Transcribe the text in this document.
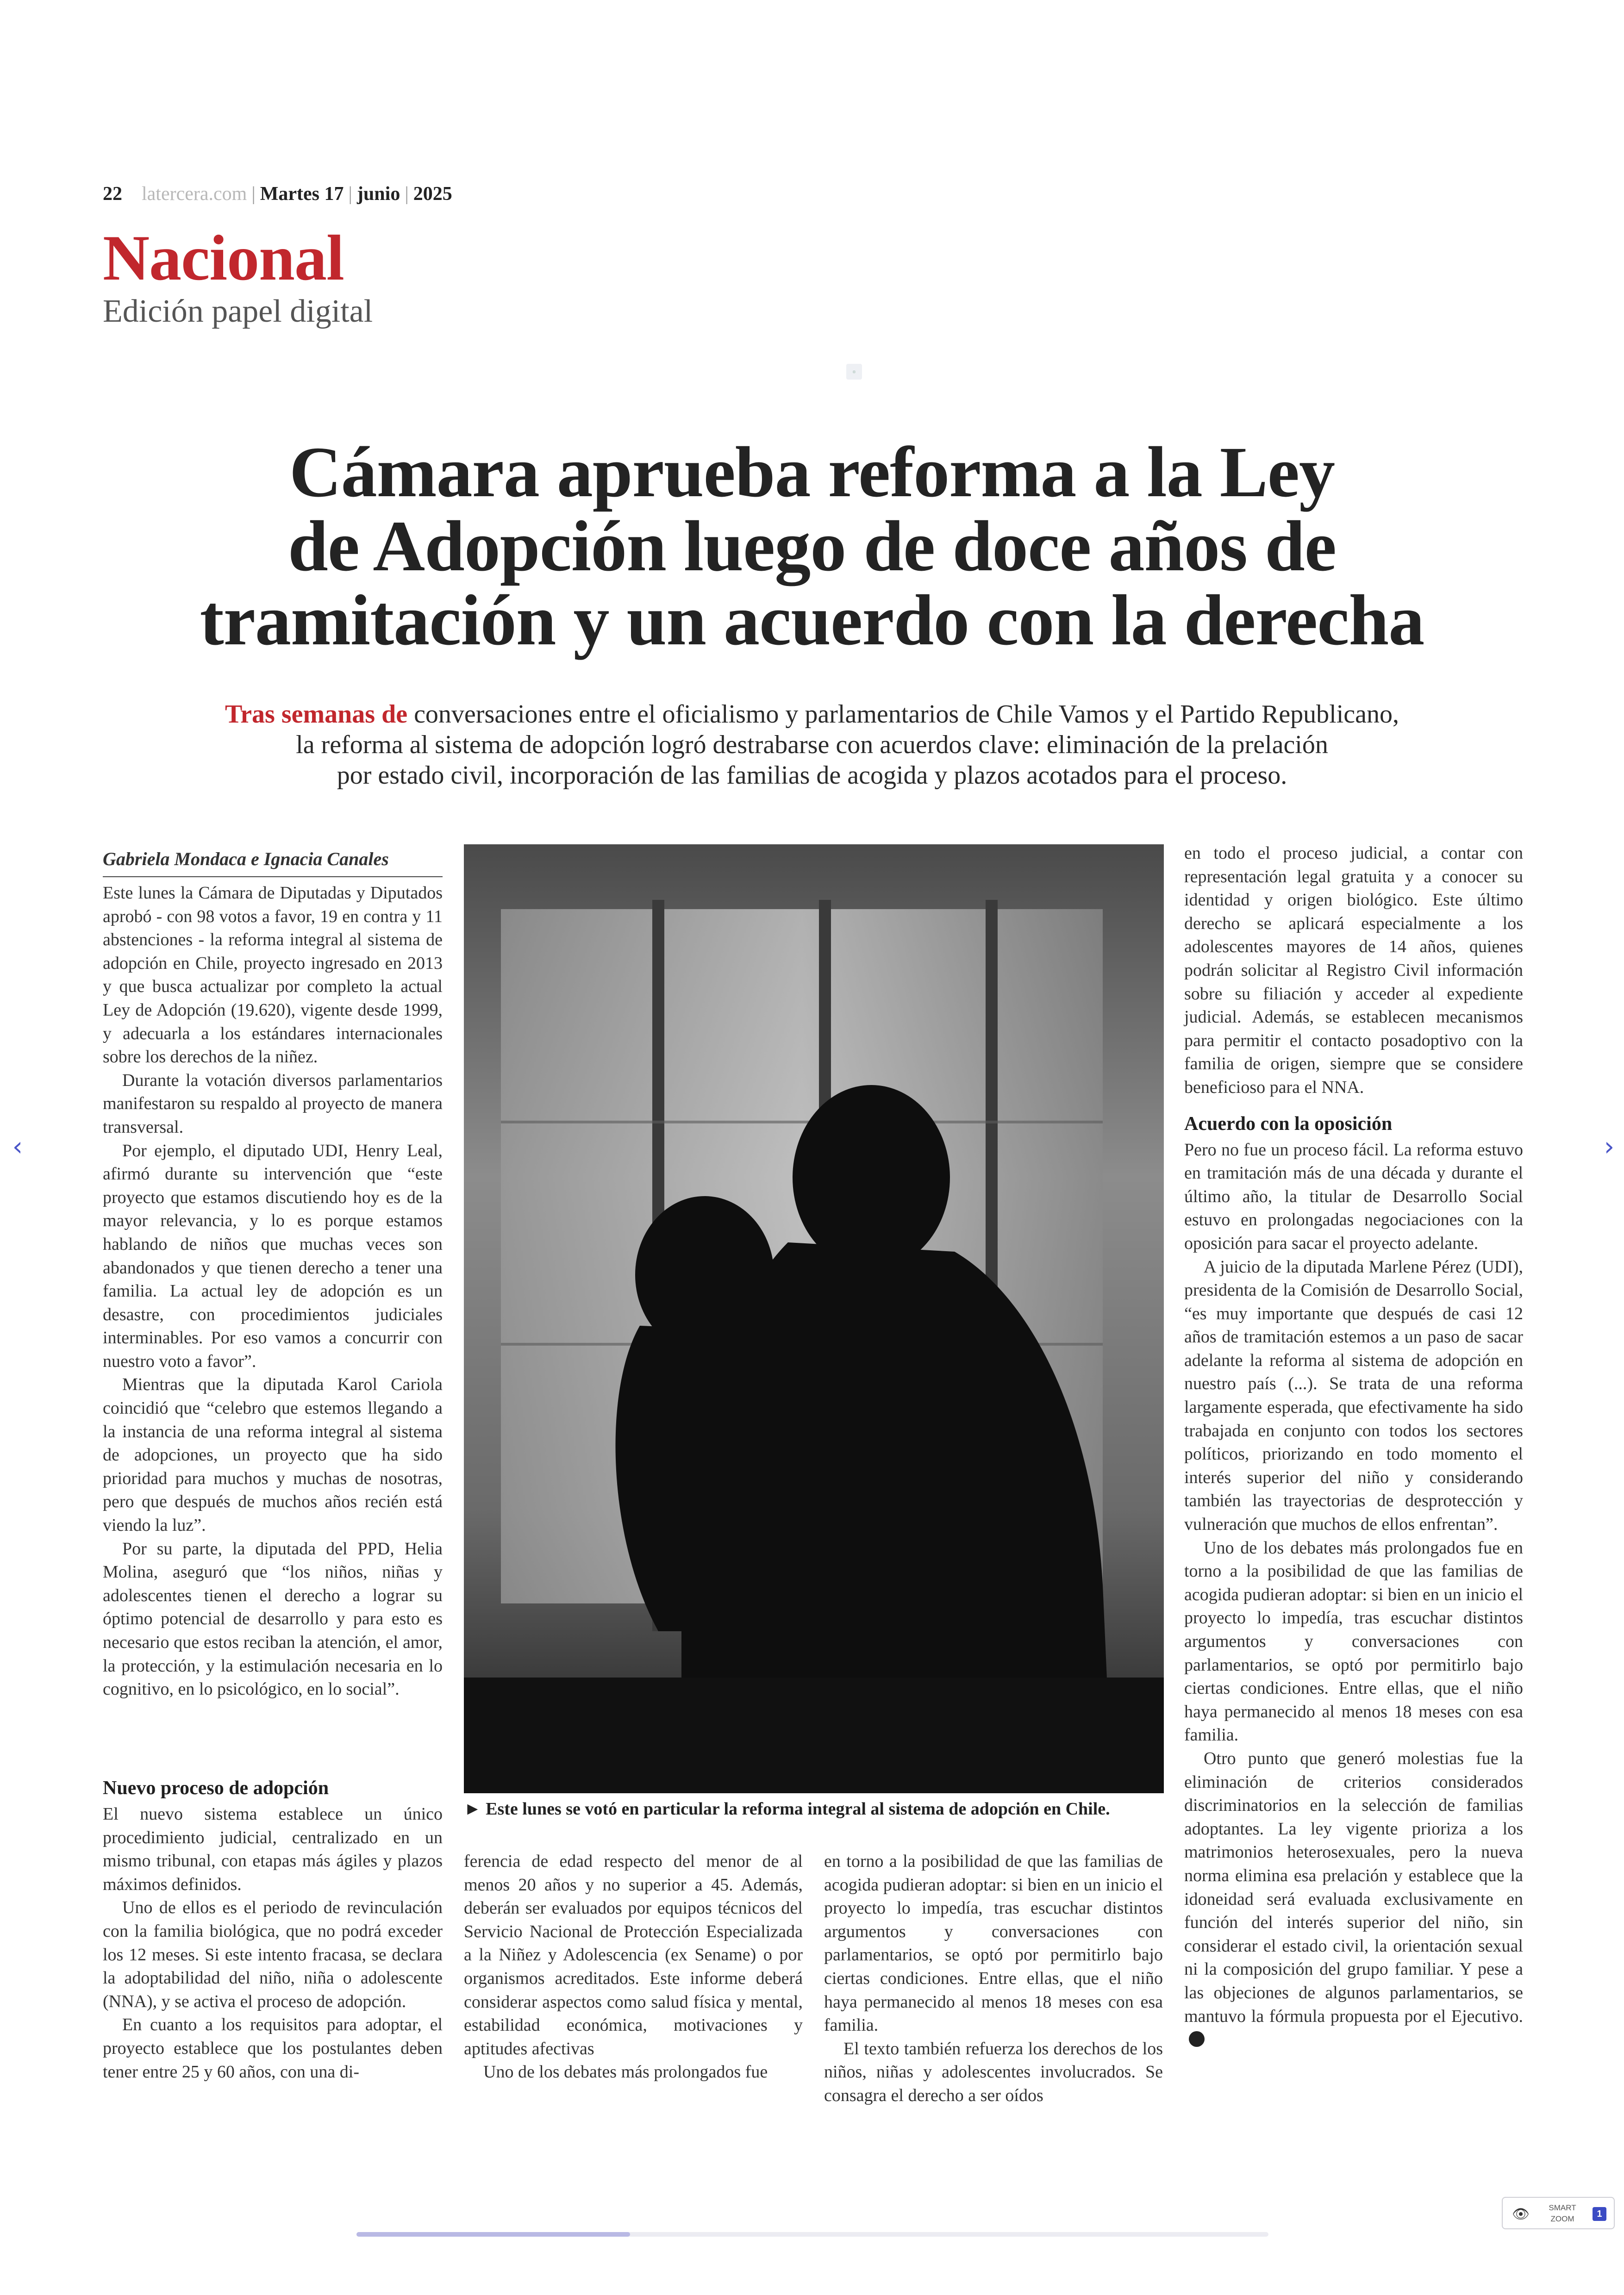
22 latercera.com | Martes 17 | junio | 2025
Nacional
Edición papel digital
▫
Cámara aprueba reforma a la Ley
de Adopción luego de doce años de
tramitación y un acuerdo con la derecha
Tras semanas de conversaciones entre el oficialismo y parlamentarios de Chile Vamos y el Partido Republicano,
la reforma al sistema de adopción logró destrabarse con acuerdos clave: eliminación de la prelación
por estado civil, incorporación de las familias de acogida y plazos acotados para el proceso.
Gabriela Mondaca e Ignacia Canales

Este lunes la Cámara de Diputadas y Diputados aprobó - con 98 votos a favor, 19 en contra y 11 abstenciones - la reforma integral al sistema de adopción en Chile, proyecto ingresado en 2013 y que busca actualizar por completo la actual Ley de Adopción (19.620), vigente desde 1999, y adecuarla a los estándares internacionales sobre los derechos de la niñez.

Durante la votación diversos parlamentarios manifestaron su respaldo al proyecto de manera transversal.

Por ejemplo, el diputado UDI, Henry Leal, afirmó durante su intervención que “este proyecto que estamos discutiendo hoy es de la mayor relevancia, y lo es porque estamos hablando de niños que muchas veces son abandonados y que tienen derecho a tener una familia. La actual ley de adopción es un desastre, con procedimientos judiciales interminables. Por eso vamos a concurrir con nuestro voto a favor”.

Mientras que la diputada Karol Cariola coincidió que “celebro que estemos llegando a la instancia de una reforma integral al sistema de adopciones, un proyecto que ha sido prioridad para muchos y muchas de nosotras, pero que después de muchos años recién está viendo la luz”.

Por su parte, la diputada del PPD, Helia Molina, aseguró que “los niños, niñas y adolescentes tienen el derecho a lograr su óptimo potencial de desarrollo y para esto es necesario que estos reciban la atención, el amor, la protección, y la estimulación necesaria en lo cognitivo, en lo psicológico, en lo social”.

Nuevo proceso de adopción

El nuevo sistema establece un único procedimiento judicial, centralizado en un mismo tribunal, con etapas más ágiles y plazos máximos definidos.

Uno de ellos es el periodo de revinculación con la familia biológica, que no podrá exceder los 12 meses. Si este intento fracasa, se declara la adoptabilidad del niño, niña o adolescente (NNA), y se activa el proceso de adopción.

En cuanto a los requisitos para adoptar, el proyecto establece que los postulantes deben tener entre 25 y 60 años, con una di-

► Este lunes se votó en particular la reforma integral al sistema de adopción en Chile.

ferencia de edad respecto del menor de al menos 20 años y no superior a 45. Además, deberán ser evaluados por equipos técnicos del Servicio Nacional de Protección Especializada a la Niñez y Adolescencia (ex Sename) o por organismos acreditados. Este informe deberá considerar aspectos como salud física y mental, estabilidad económica, motivaciones y aptitudes afectivas

Uno de los debates más prolongados fue

en torno a la posibilidad de que las familias de acogida pudieran adoptar: si bien en un inicio el proyecto lo impedía, tras escuchar distintos argumentos y conversaciones con parlamentarios, se optó por permitirlo bajo ciertas condiciones. Entre ellas, que el niño haya permanecido al menos 18 meses con esa familia.

El texto también refuerza los derechos de los niños, niñas y adolescentes involucrados. Se consagra el derecho a ser oídos

en todo el proceso judicial, a contar con representación legal gratuita y a conocer su identidad y origen biológico. Este último derecho se aplicará especialmente a los adolescentes mayores de 14 años, quienes podrán solicitar al Registro Civil información sobre su filiación y acceder al expediente judicial. Además, se establecen mecanismos para permitir el contacto posadoptivo con la familia de origen, siempre que se considere beneficioso para el NNA.

Acuerdo con la oposición

Pero no fue un proceso fácil. La reforma estuvo en tramitación más de una década y durante el último año, la titular de Desarrollo Social estuvo en prolongadas negociaciones con la oposición para sacar el proyecto adelante.

A juicio de la diputada Marlene Pérez (UDI), presidenta de la Comisión de Desarrollo Social, “es muy importante que después de casi 12 años de tramitación estemos a un paso de sacar adelante la reforma al sistema de adopción en nuestro país (...). Se trata de una reforma largamente esperada, que efectivamente ha sido trabajada en conjunto con todos los sectores políticos, priorizando en todo momento el interés superior del niño y considerando también las trayectorias de desprotección y vulneración que muchos de ellos enfrentan”.

Uno de los debates más prolongados fue en torno a la posibilidad de que las familias de acogida pudieran adoptar: si bien en un inicio el proyecto lo impedía, tras escuchar distintos argumentos y conversaciones con parlamentarios, se optó por permitirlo bajo ciertas condiciones. Entre ellas, que el niño haya permanecido al menos 18 meses con esa familia.

Otro punto que generó molestias fue la eliminación de criterios considerados discriminatorios en la selección de familias adoptantes. La ley vigente prioriza a los matrimonios heterosexuales, pero la nueva norma elimina esa prelación y establece que la idoneidad será evaluada exclusivamente en función del interés superior del niño, sin considerar el estado civil, la orientación sexual ni la composición del grupo familiar. Y pese a las objeciones de algunos parlamentarios, se mantuvo la fórmula propuesta por el Ejecutivo.

‹	›
👁	SMART
ZOOM	1
